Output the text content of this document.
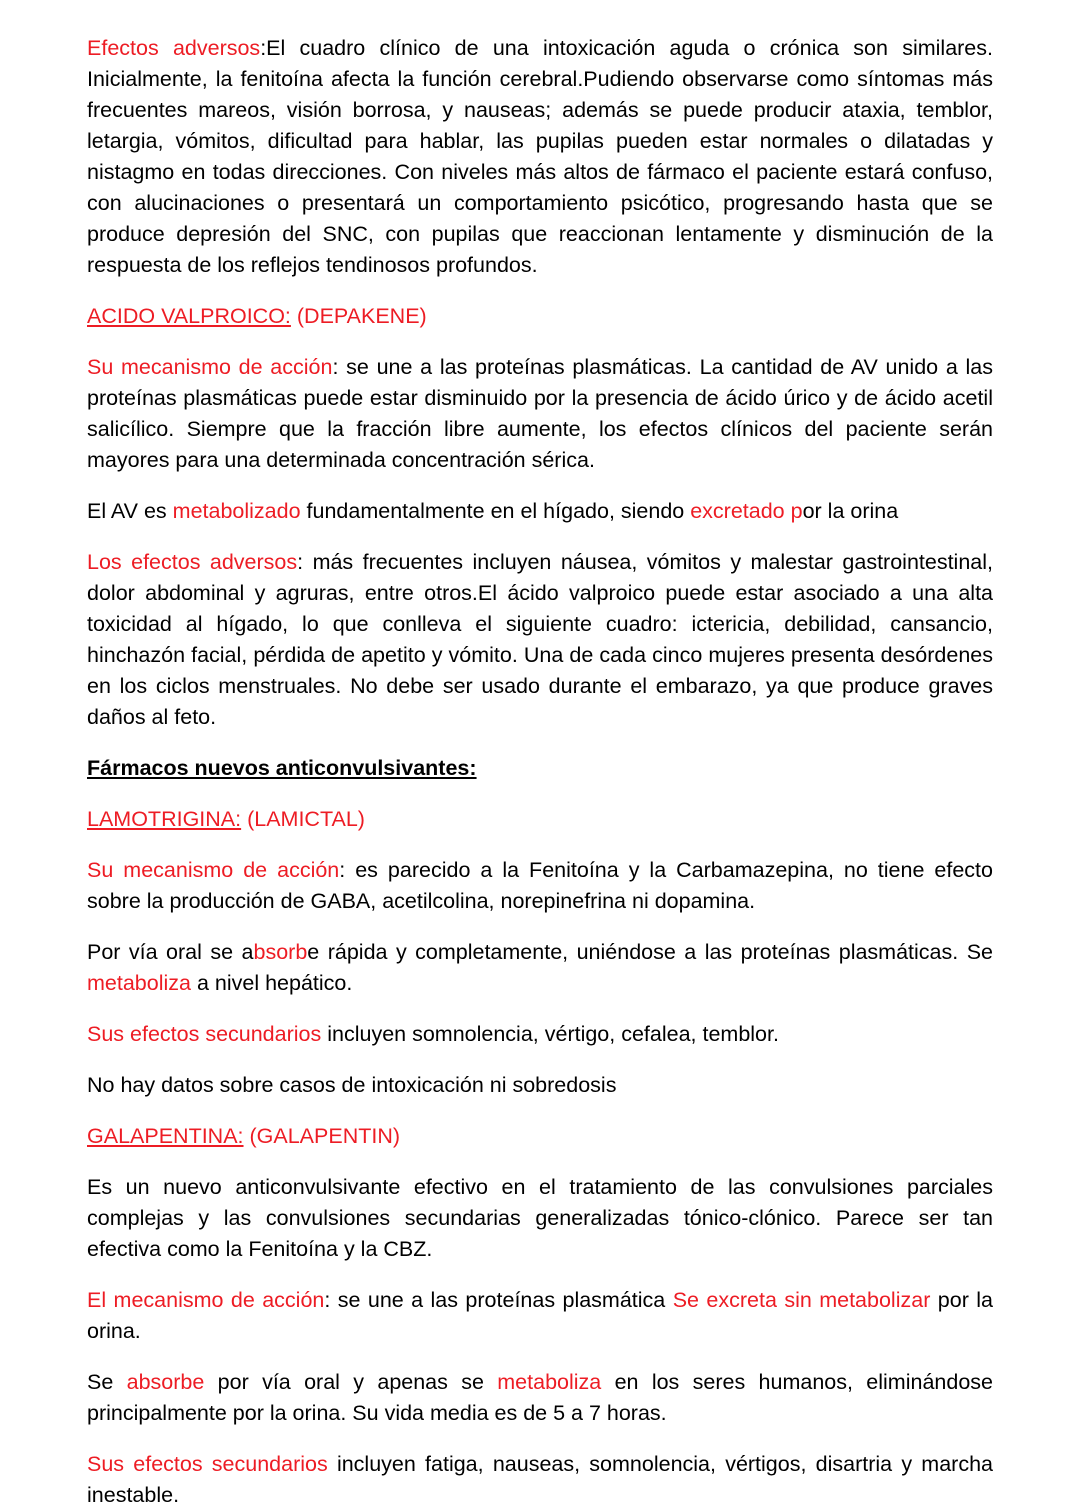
Efectos adversos:El cuadro clínico de una intoxicación aguda o crónica son similares. Inicialmente, la fenitoína afecta la función cerebral.Pudiendo observarse como síntomas más frecuentes mareos, visión borrosa, y nauseas; además se puede producir ataxia, temblor, letargia, vómitos, dificultad para hablar, las pupilas pueden estar normales o dilatadas y nistagmo en todas direcciones. Con niveles más altos de fármaco el paciente estará confuso, con alucinaciones o presentará un comportamiento psicótico, progresando hasta que se produce depresión del SNC, con pupilas que reaccionan lentamente y disminución de la respuesta de los reflejos tendinosos profundos.

ACIDO VALPROICO: (DEPAKENE)

Su mecanismo de acción: se une a las proteínas plasmáticas. La cantidad de AV unido a las proteínas plasmáticas puede estar disminuido por la presencia de ácido úrico y de ácido acetil salicílico. Siempre que la fracción libre aumente, los efectos clínicos del paciente serán mayores para una determinada concentración sérica.

El AV es metabolizado fundamentalmente en el hígado, siendo excretado por la orina

Los efectos adversos: más frecuentes incluyen náusea, vómitos y malestar gastrointestinal, dolor abdominal y agruras, entre otros.El ácido valproico puede estar asociado a una alta toxicidad al hígado, lo que conlleva el siguiente cuadro: ictericia, debilidad, cansancio, hinchazón facial, pérdida de apetito y vómito. Una de cada cinco mujeres presenta desórdenes en los ciclos menstruales. No debe ser usado durante el embarazo, ya que produce graves daños al feto.

Fármacos nuevos anticonvulsivantes:

LAMOTRIGINA: (LAMICTAL)

Su mecanismo de acción: es parecido a la Fenitoína y la Carbamazepina, no tiene efecto sobre la producción de GABA, acetilcolina, norepinefrina ni dopamina.

Por vía oral se absorbe rápida y completamente, uniéndose a las proteínas plasmáticas. Se metaboliza a nivel hepático.

Sus efectos secundarios incluyen somnolencia, vértigo, cefalea, temblor.

No hay datos sobre casos de intoxicación ni sobredosis

GALAPENTINA: (GALAPENTIN)

Es un nuevo anticonvulsivante efectivo en el tratamiento de las convulsiones parciales complejas y las convulsiones secundarias generalizadas tónico-clónico. Parece ser tan efectiva como la Fenitoína y la CBZ.

El mecanismo de acción: se une a las proteínas plasmática Se excreta sin metabolizar por la orina.

Se absorbe por vía oral y apenas se metaboliza en los seres humanos, eliminándose principalmente por la orina. Su vida media es de 5 a 7 horas.

Sus efectos secundarios incluyen fatiga, nauseas, somnolencia, vértigos, disartria y marcha inestable.
